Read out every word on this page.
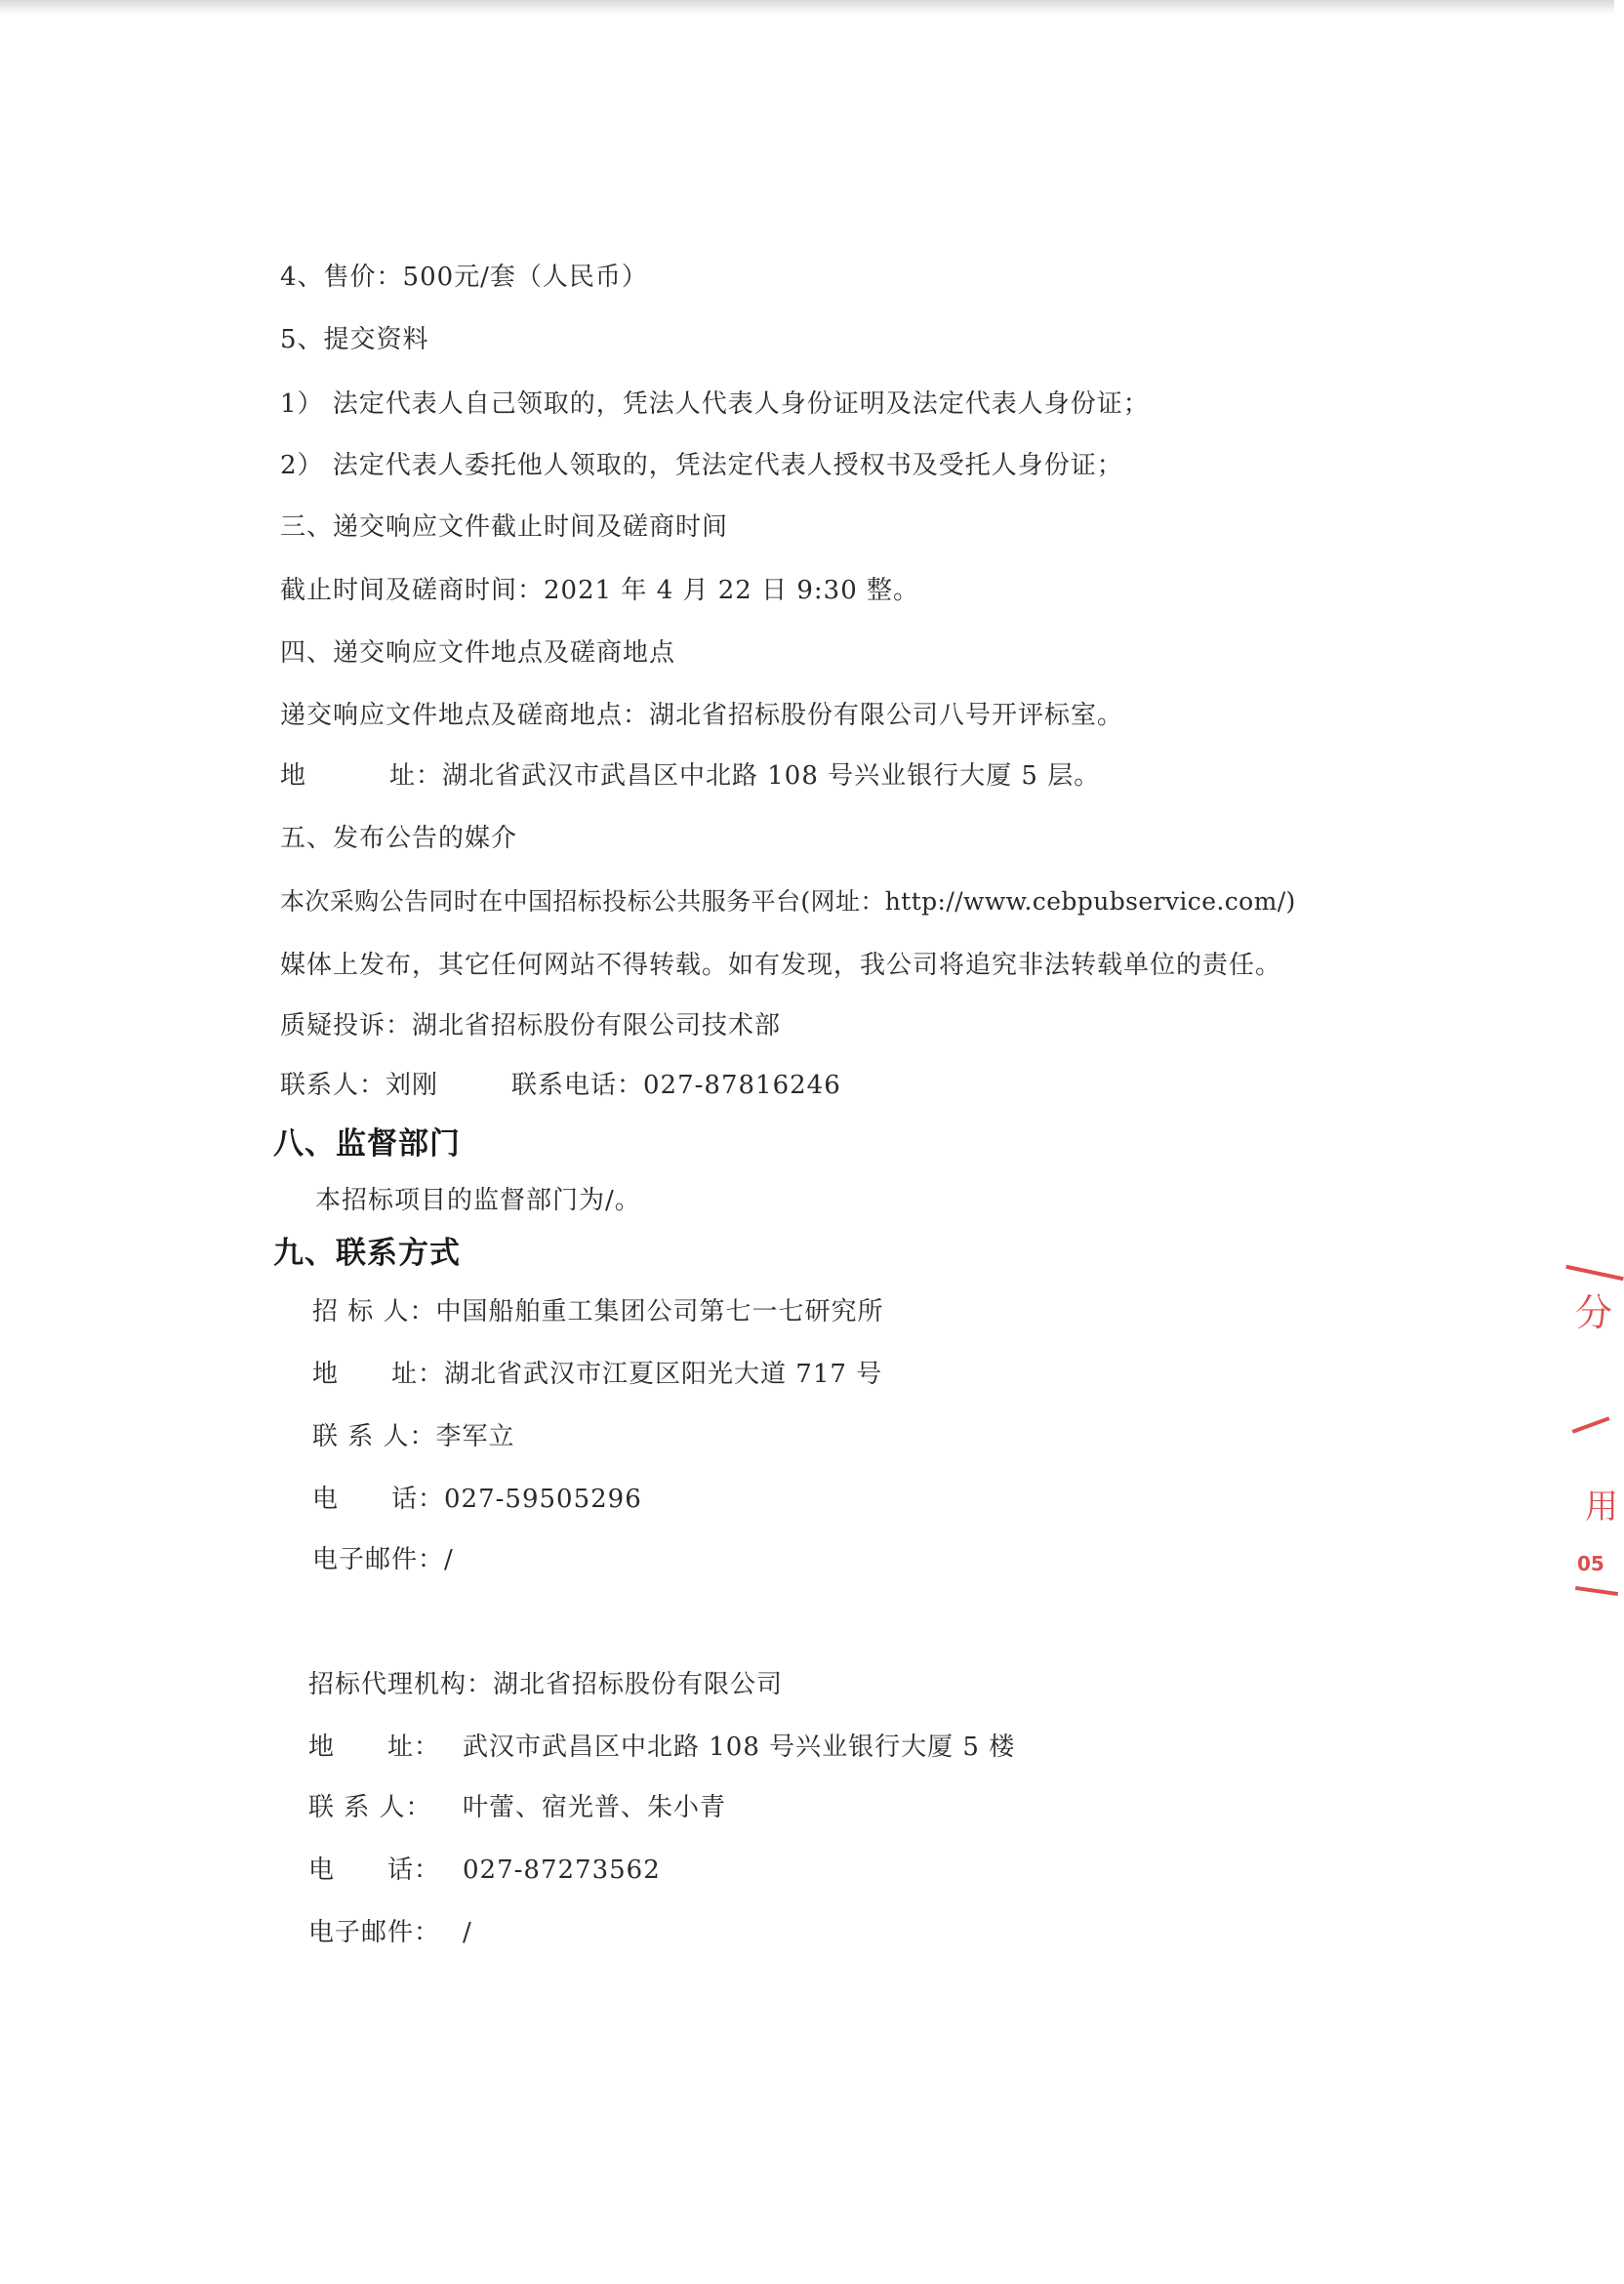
4、售价：500元/套（人民币）
5、提交资料
1） 法定代表人自己领取的，凭法人代表人身份证明及法定代表人身份证；
2） 法定代表人委托他人领取的，凭法定代表人授权书及受托人身份证；
三、递交响应文件截止时间及磋商时间
截止时间及磋商时间：2021 年 4 月 22 日 9:30 整。
四、递交响应文件地点及磋商地点
递交响应文件地点及磋商地点：湖北省招标股份有限公司八号开评标室。
地	址：湖北省武汉市武昌区中北路 108 号兴业银行大厦 5 层。
五、发布公告的媒介
本次采购公告同时在中国招标投标公共服务平台(网址：http://www.cebpubservice.com/)
媒体上发布，其它任何网站不得转载。如有发现，我公司将追究非法转载单位的责任。
质疑投诉：湖北省招标股份有限公司技术部
联系人：刘刚	联系电话：027-87816246
八、监督部门
本招标项目的监督部门为/。
九、联系方式
招 标 人：中国船舶重工集团公司第七一七研究所
地　　址：湖北省武汉市江夏区阳光大道 717 号
联 系 人：李军立
电　　话：027-59505296
电子邮件：/
招标代理机构：湖北省招标股份有限公司
地　　址： 武汉市武昌区中北路 108 号兴业银行大厦 5 楼
联 系 人： 叶蕾、宿光普、朱小青
电　　话： 027-87273562
电子邮件： /
分
用
05
